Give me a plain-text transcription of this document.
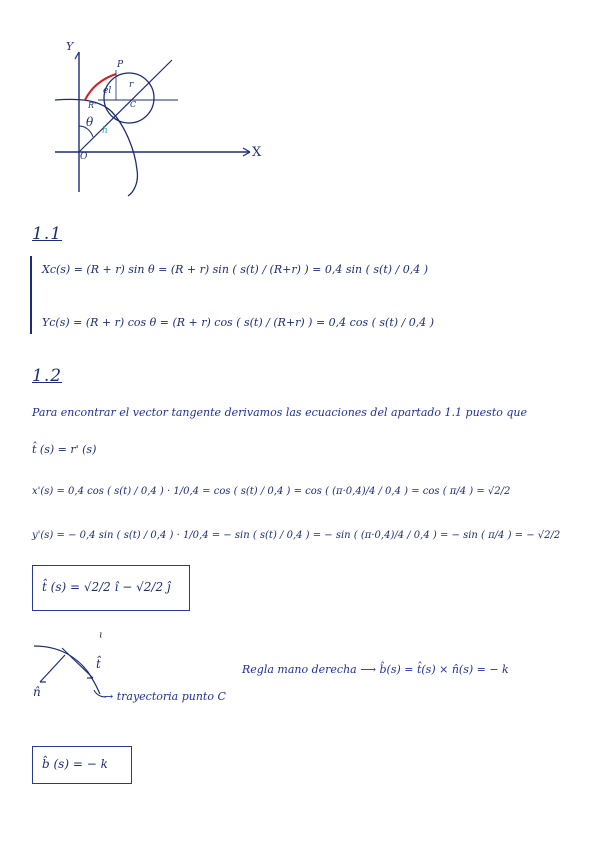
Y
X
O
P
r
C
el
R'
θ
h
1.1
Xc(s) = (R + r) sin θ = (R + r) sin ( s(t) / (R+r) ) = 0,4 sin ( s(t) / 0,4 )
Yc(s) = (R + r) cos θ = (R + r) cos ( s(t) / (R+r) ) = 0,4 cos ( s(t) / 0,4 )
1.2
Para encontrar el vector tangente derivamos las ecuaciones del apartado 1.1 puesto que
t̂ (s) = r' (s)
x'(s) = 0,4 cos ( s(t) / 0,4 ) · 1/0,4 = cos ( s(t) / 0,4 ) = cos ( (π·0,4)/4 / 0,4 ) = cos ( π/4 ) = √2/2
y'(s) = − 0,4 sin ( s(t) / 0,4 ) · 1/0,4 = − sin ( s(t) / 0,4 ) = − sin ( (π·0,4)/4 / 0,4 ) = − sin ( π/4 ) = − √2/2
t̂ (s) = √2/2 î − √2/2 ĵ
ɩ
t̂
n̂	→ trayectoria punto C
Regla mano derecha ⟶ b̂(s) = t̂(s) × n̂(s) = − k
b̂ (s) = − k
